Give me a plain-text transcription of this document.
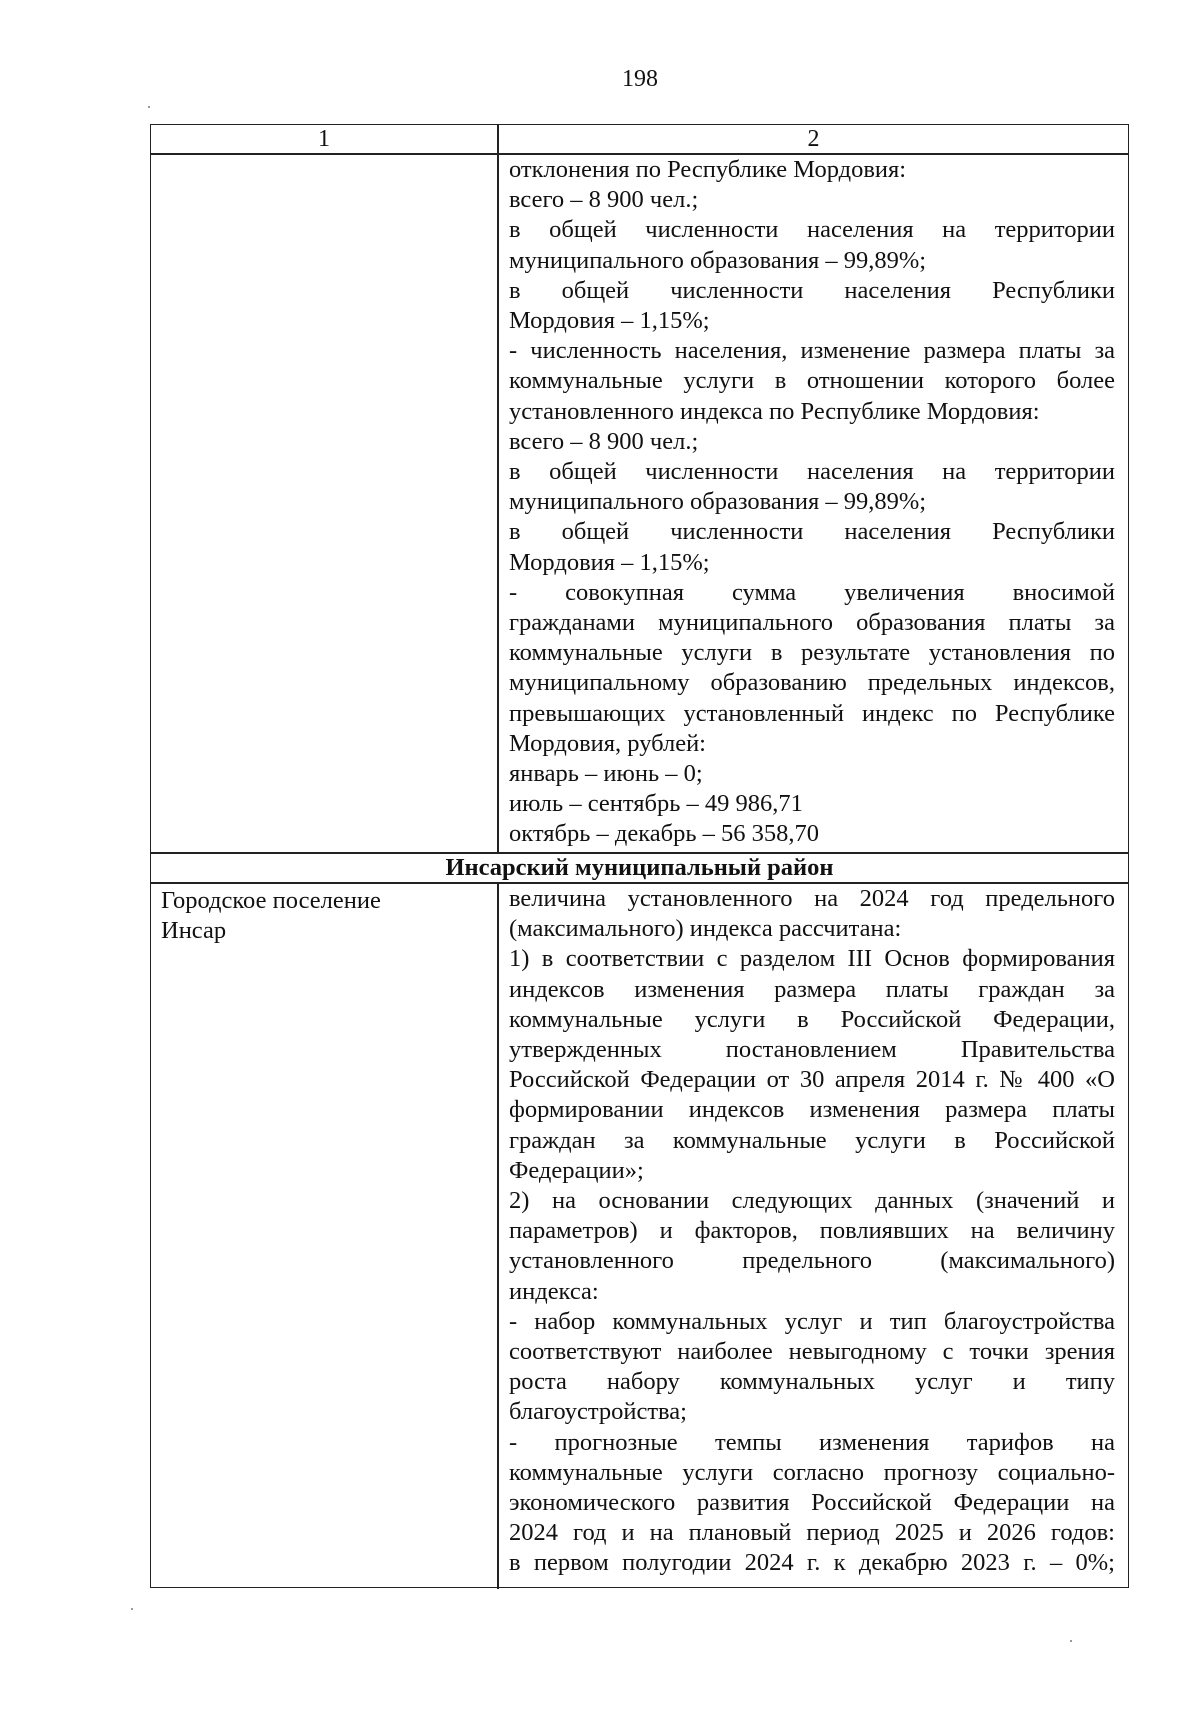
198
1	2
отклонения по Республике Мордовия:
всего – 8 900 чел.;
в общей численности населения на территории
муниципального образования – 99,89%;
в общей численности населения Республики
Мордовия – 1,15%;
- численность населения, изменение размера платы за
коммунальные услуги в отношении которого более
установленного индекса по Республике Мордовия:
всего – 8 900 чел.;
в общей численности населения на территории
муниципального образования – 99,89%;
в общей численности населения Республики
Мордовия – 1,15%;
- совокупная сумма увеличения вносимой
гражданами муниципального образования платы за
коммунальные услуги в результате установления по
муниципальному образованию предельных индексов,
превышающих установленный индекс по Республике
Мордовия, рублей:
январь – июнь – 0;
июль – сентябрь – 49 986,71
октябрь – декабрь – 56 358,70
Инсарский муниципальный район
Городское поселение
Инсар
величина установленного на 2024 год предельного
(максимального) индекса рассчитана:
1) в соответствии с разделом III Основ формирования
индексов изменения размера платы граждан за
коммунальные услуги в Российской Федерации,
утвержденных постановлением Правительства
Российской Федерации от 30 апреля 2014 г. № 400 «О
формировании индексов изменения размера платы
граждан за коммунальные услуги в Российской
Федерации»;
2) на основании следующих данных (значений и
параметров) и факторов, повлиявших на величину
установленного предельного (максимального)
индекса:
- набор коммунальных услуг и тип благоустройства
соответствуют наиболее невыгодному с точки зрения
роста набору коммунальных услуг и типу
благоустройства;
- прогнозные темпы изменения тарифов на
коммунальные услуги согласно прогнозу социально-
экономического развития Российской Федерации на
2024 год и на плановый период 2025 и 2026 годов:
в первом полугодии 2024 г. к декабрю 2023 г. – 0%;
